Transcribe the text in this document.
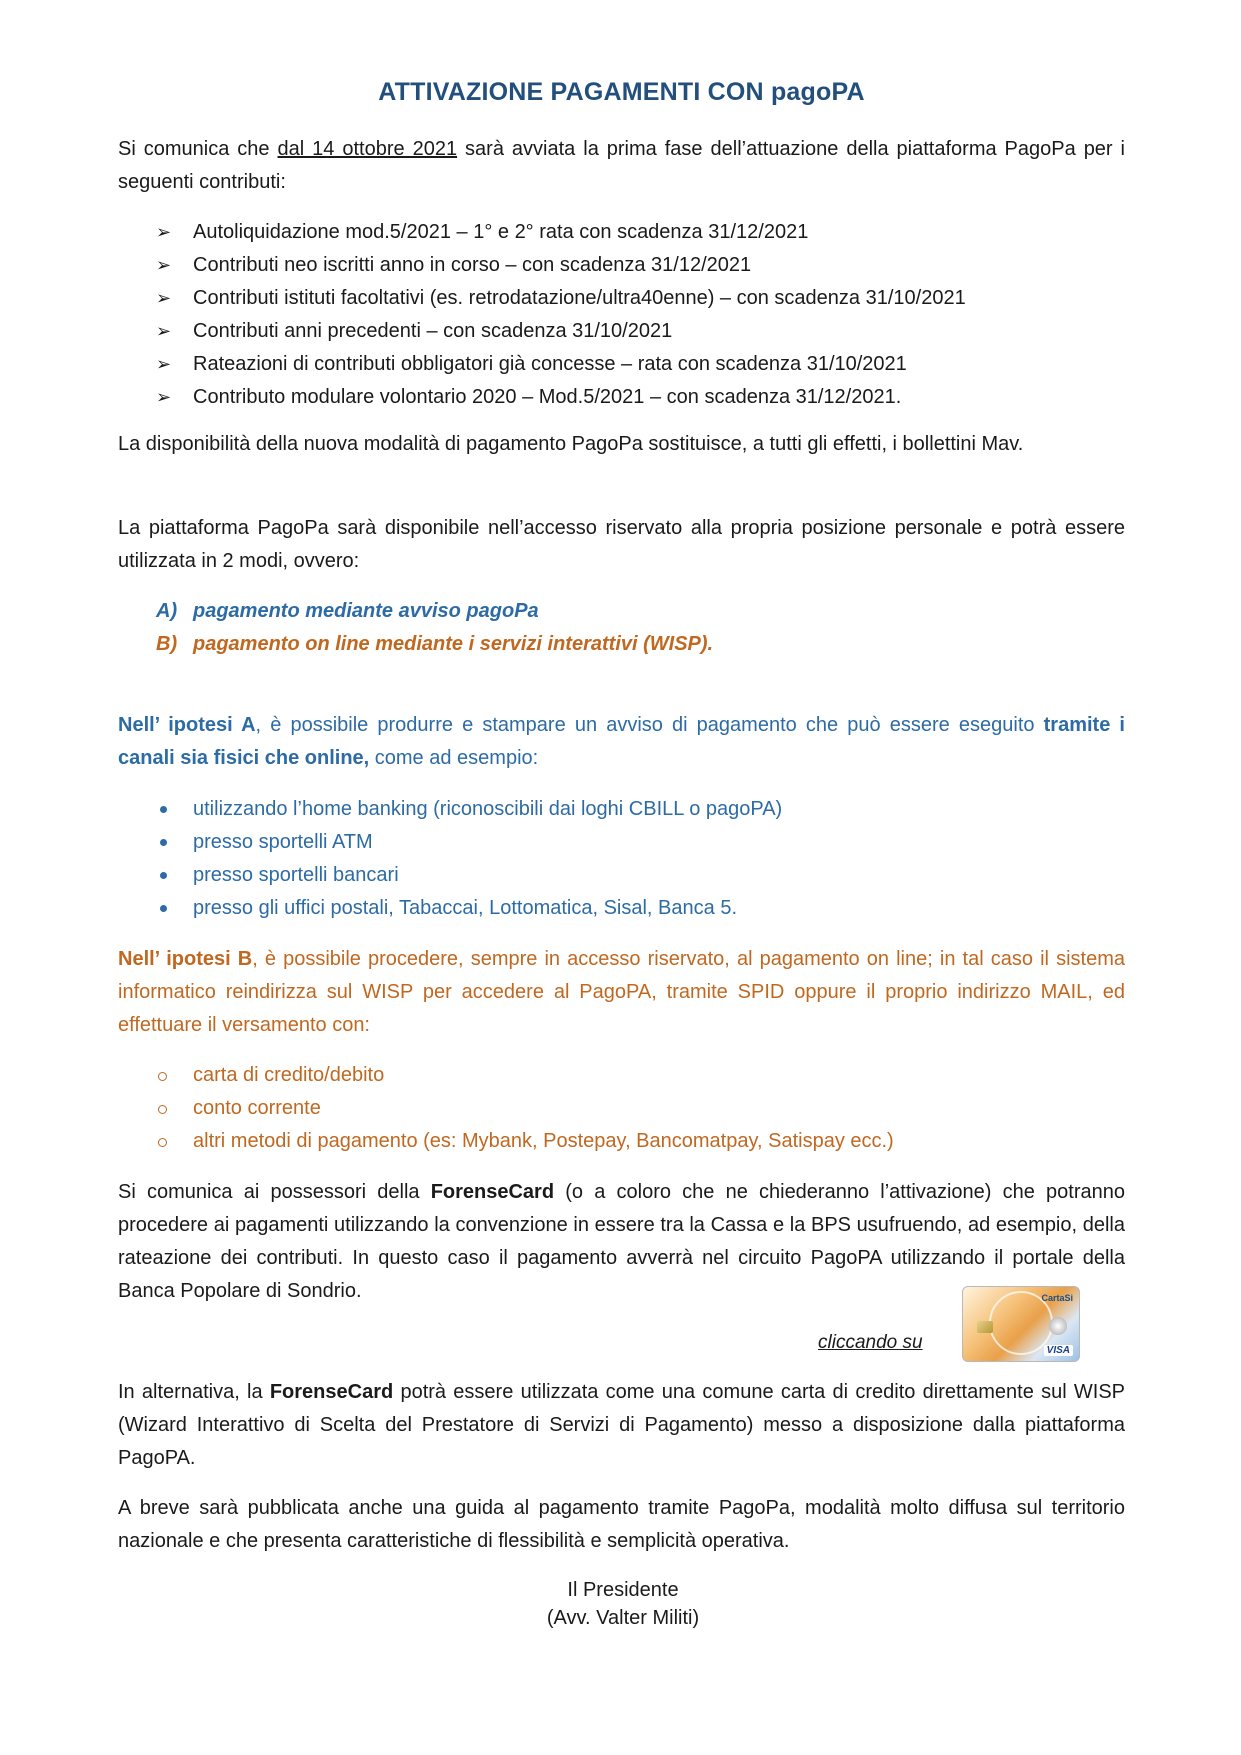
ATTIVAZIONE PAGAMENTI CON pagoPA

Si comunica che dal 14 ottobre 2021 sarà avviata la prima fase dell’attuazione della piattaforma PagoPa per i seguenti contributi:

➢	Autoliquidazione mod.5/2021 – 1° e 2° rata con scadenza 31/12/2021
➢	Contributi neo iscritti anno in corso – con scadenza 31/12/2021
➢	Contributi istituti facoltativi (es. retrodatazione/ultra40enne) – con scadenza 31/10/2021
➢	Contributi anni precedenti – con scadenza 31/10/2021
➢	Rateazioni di contributi obbligatori già concesse – rata con scadenza 31/10/2021
➢	Contributo modulare volontario 2020 – Mod.5/2021 – con scadenza 31/12/2021.

La disponibilità della nuova modalità di pagamento PagoPa sostituisce, a tutti gli effetti, i bollettini Mav.

La piattaforma PagoPa sarà disponibile nell’accesso riservato alla propria posizione personale e potrà essere utilizzata in 2 modi, ovvero:

A) pagamento mediante avviso pagoPa
B) pagamento on line mediante i servizi interattivi (WISP).

Nell’ ipotesi A, è possibile produrre e stampare un avviso di pagamento che può essere eseguito tramite i canali sia fisici che online, come ad esempio:

utilizzando l’home banking (riconoscibili dai loghi CBILL o pagoPA)
presso sportelli ATM
presso sportelli bancari
presso gli uffici postali, Tabaccai, Lottomatica, Sisal, Banca 5.

Nell’ ipotesi B, è possibile procedere, sempre in accesso riservato, al pagamento on line; in tal caso il sistema informatico reindirizza sul WISP per accedere al PagoPA, tramite SPID oppure il proprio indirizzo MAIL, ed effettuare il versamento con:

carta di credito/debito
conto corrente
altri metodi di pagamento (es: Mybank, Postepay, Bancomatpay, Satispay ecc.)

Si comunica ai possessori della ForenseCard (o a coloro che ne chiederanno l’attivazione) che potranno procedere ai pagamenti utilizzando la convenzione in essere tra la Cassa e la BPS usufruendo, ad esempio, della rateazione dei contributi. In questo caso il pagamento avverrà nel circuito PagoPA utilizzando il portale della Banca Popolare di Sondrio.

cliccando su
CartaSi
VISA

In alternativa, la ForenseCard potrà essere utilizzata come una comune carta di credito direttamente sul WISP (Wizard Interattivo di Scelta del Prestatore di Servizi di Pagamento) messo a disposizione dalla piattaforma PagoPA.

A breve sarà pubblicata anche una guida al pagamento tramite PagoPa, modalità molto diffusa sul territorio nazionale e che presenta caratteristiche di flessibilità e semplicità operativa.

Il Presidente
(Avv. Valter Militi)
